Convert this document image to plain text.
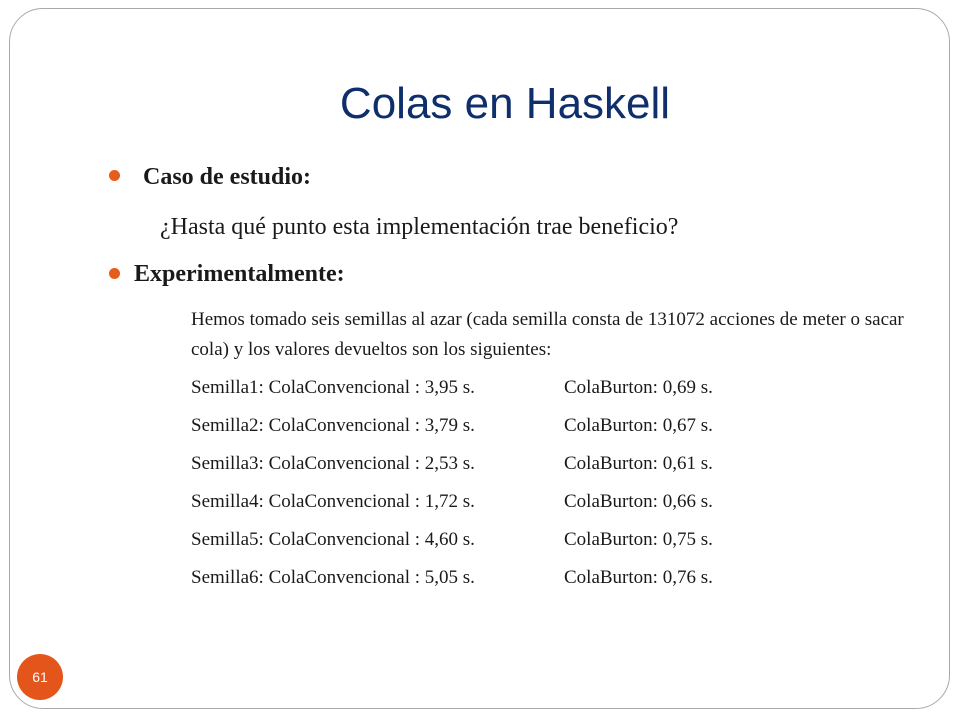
Colas en Haskell
Caso de estudio:
¿Hasta qué punto esta implementación trae beneficio?
Experimentalmente:
Hemos tomado seis semillas al azar (cada semilla consta de 131072 acciones de meter o sacar cola) y los valores devueltos son los siguientes:
Semilla1: ColaConvencional : 3,95 s.	ColaBurton: 0,69 s.
Semilla2: ColaConvencional : 3,79 s.	ColaBurton: 0,67 s.
Semilla3: ColaConvencional : 2,53 s.	ColaBurton: 0,61 s.
Semilla4: ColaConvencional : 1,72 s.	ColaBurton: 0,66 s.
Semilla5: ColaConvencional : 4,60 s.	ColaBurton: 0,75 s.
Semilla6: ColaConvencional : 5,05 s.	ColaBurton: 0,76 s.
61
